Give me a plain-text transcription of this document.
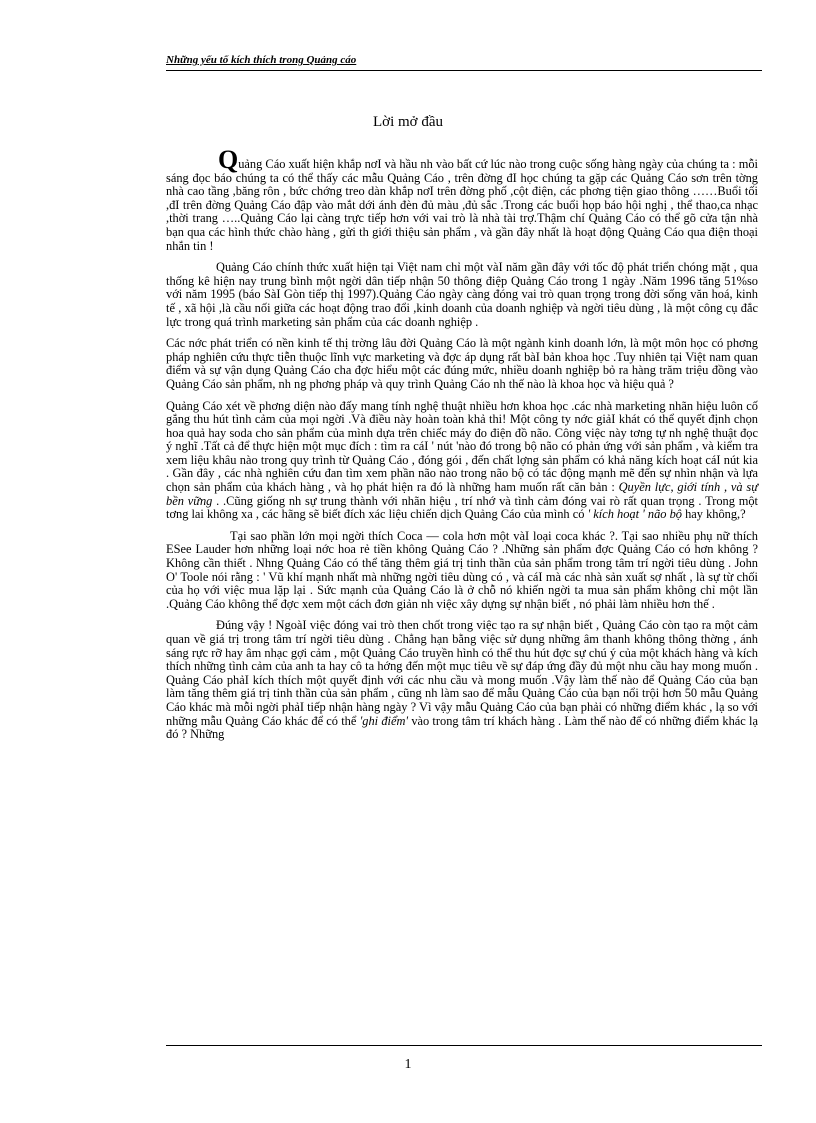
Những yếu tố kích thích trong Quảng cáo
Lời mở đầu

Quảng Cáo xuất hiện khắp nơI và hầu nh vào bất cứ lúc nào trong cuộc sống hàng ngày của chúng ta : mỗi sáng đọc báo chúng ta có thể thấy các mẫu Quảng Cáo , trên đờng đI học chúng ta gặp các Quảng Cáo sơn trên tờng nhà cao tầng ,băng rôn , bức chớng treo dàn khắp nơI trên đờng phố ,cột điện, các phơng tiện giao thông ……Buổi tối ,đI trên đờng Quảng Cáo đập vào mắt dới ánh đèn đủ màu ,đủ sắc .Trong các buổi họp báo hội nghị , thể thao,ca nhạc ,thời trang …..Quảng Cáo lại càng trực tiếp hơn với vai trò là nhà tài trợ.Thậm chí Quảng Cáo có thể gõ cửa tận nhà bạn qua các hình thức chào hàng , gửi th giới thiệu sản phẩm , và gần đây nhất là hoạt động Quảng Cáo qua điện thoại nhắn tin !

Quảng Cáo chính thức xuất hiện tại Việt nam chỉ một vàI năm gần đây với tốc độ phát triển chóng mặt , qua thống kê hiện nay trung bình một ngời dân tiếp nhận 50 thông điệp Quảng Cáo trong 1 ngày .Năm 1996 tăng 51%so với năm 1995 (báo SàI Gòn tiếp thị 1997).Quảng Cáo ngày càng đóng vai trò quan trọng trong đời sống văn hoá, kinh tế , xã hội ,là cầu nối giữa các hoạt động trao đổi ,kinh doanh của doanh nghiệp và ngời tiêu dùng , là một công cụ đắc lực trong quá trình marketing sản phẩm của các doanh nghiệp .

Các nớc phát triển có nền kinh tế thị trờng lâu đời Quảng Cáo là một ngành kinh doanh lớn, là một môn học có phơng pháp nghiên cứu thực tiễn thuộc lĩnh vực marketing và đợc áp dụng rất bàI bản khoa học .Tuy nhiên tại Việt nam quan điểm và sự vận dụng Quảng Cáo cha đợc hiểu một các đúng mức, nhiều doanh nghiệp bỏ ra hàng trăm triệu đồng vào Quảng Cáo sản phẩm, nh ng phơng pháp và quy trình Quảng Cáo nh thế nào là khoa học và hiệu quả ?

Quảng Cáo xét về phơng diện nào đấy mang tính nghệ thuật nhiều hơn khoa học .các nhà marketing nhãn hiệu luôn cố gắng thu hút tình cảm của mọi ngời .Và điều này hoàn toàn khả thi! Một công ty nớc giảI khát có thể quyết định chọn hoa quả hay soda cho sản phẩm của mình dựa trên chiếc máy đo điện đồ não. Công việc này tơng tự nh nghệ thuật đọc ý nghĩ .Tất cả để thực hiện một mục đích : tìm ra cáI ' nút 'nào đó trong bộ não có phản ứng với sản phẩm , và kiểm tra xem liệu khâu nào trong quy trình từ Quảng Cáo , đóng gói , đến chất lợng sản phẩm có khả năng kích hoạt cáI nút kia . Gần đây , các nhà nghiên cứu đan tìm xem phần não nào trong não bộ có tác động mạnh mẽ đến sự nhìn nhận và lựa chọn sản phẩm của khách hàng , và họ phát hiện ra đó là những ham muốn rất căn bản : Quyền lực, giới tính , và sự bền vững . .Cũng giống nh sự trung thành với nhãn hiệu , trí nhớ và tình cảm đóng vai rò rất quan trọng . Trong một tơng lai không xa , các hãng sẽ biết đích xác liệu chiến dịch Quảng Cáo của mình có ' kích hoạt ' não bộ hay không,?

Tại sao phần lớn mọi ngời thích Coca — cola hơn một vàI loại coca khác ?. Tại sao nhiều phụ nữ thích ESee Lauder hơn những loại nớc hoa rẻ tiền không Quảng Cáo ? .Những sản phẩm đợc Quảng Cáo có hơn không ? Không cần thiết . Nhng Quảng Cáo có thể tăng thêm giá trị tinh thần của sản phẩm trong tâm trí ngời tiêu dùng . John O' Toole nói rằng : ' Vũ khí mạnh nhất mà những ngời tiêu dùng có , và cáI mà các nhà sản xuất sợ nhất , là sự từ chối của họ với việc mua lặp lại . Sức mạnh của Quảng Cáo là ở chỗ nó khiến ngời ta mua sản phẩm không chỉ một lần .Quảng Cáo không thể đợc xem một cách đơn giản nh việc xây dựng sự nhận biết , nó phải làm nhiều hơn thế .

Đúng vậy ! NgoàI việc đóng vai trò then chốt trong việc tạo ra sự nhận biết , Quảng Cáo còn tạo ra một cảm quan về giá trị trong tâm trí ngời tiêu dùng . Chẳng hạn bằng việc sử dụng những âm thanh không thông thờng , ánh sáng rực rỡ hay âm nhạc gợi cảm , một Quảng Cáo truyền hình có thể thu hút đợc sự chú ý của một khách hàng và kích thích những tình cảm của anh ta hay cô ta hớng đến một mục tiêu về sự đáp ứng đầy đủ một nhu cầu hay mong muốn . Quảng Cáo phảI kích thích một quyết định với các nhu cầu và mong muốn .Vậy làm thế nào để Quảng Cáo của bạn làm tăng thêm giá trị tinh thần của sản phẩm , cũng nh làm sao để mẫu Quảng Cáo của bạn nổi trội hơn 50 mẫu Quảng Cáo khác mà mỗi ngời phảI tiếp nhận hàng ngày ? Vì vậy mẫu Quảng Cáo của bạn phải có những điểm khác , lạ so với những mẫu Quảng Cáo khác để có thể 'ghi điểm' vào trong tâm trí khách hàng . Làm thế nào để có những điểm khác lạ đó ? Những

1
